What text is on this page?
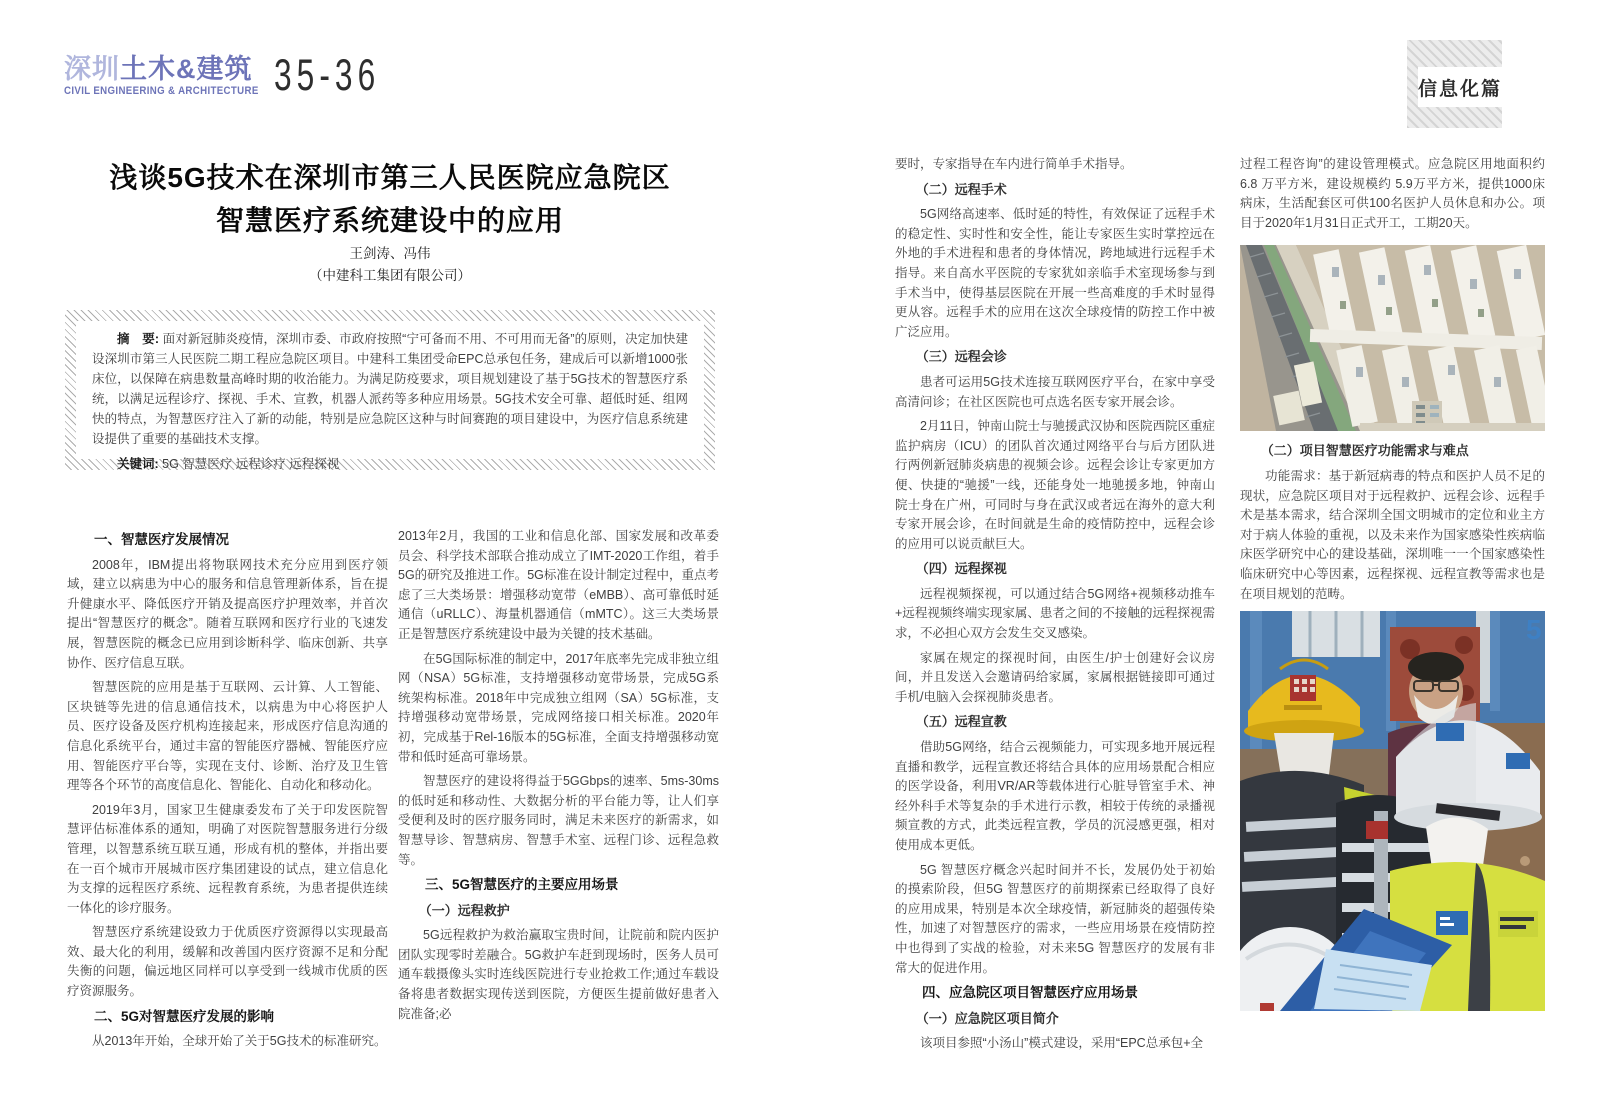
深圳土木&建筑
CIVIL ENGINEERING & ARCHITECTURE 35-36	信息化篇
浅谈5G技术在深圳市第三人民医院应急院区
智慧医疗系统建设中的应用
王剑涛、冯伟
（中建科工集团有限公司）

摘　要: 面对新冠肺炎疫情，深圳市委、市政府按照“宁可备而不用、不可用而无备”的原则，决定加快建设深圳市第三人民医院二期工程应急院区项目。中建科工集团受命EPC总承包任务，建成后可以新增1000张床位，以保障在病患数量高峰时期的收治能力。为满足防疫要求，项目规划建设了基于5G技术的智慧医疗系统，以满足远程诊疗、探视、手术、宣教，机器人派药等多种应用场景。5G技术安全可靠、超低时延、组网快的特点，为智慧医疗注入了新的动能，特别是应急院区这种与时间赛跑的项目建设中，为医疗信息系统建设提供了重要的基础技术支撑。

关键词: 5G 智慧医疗 远程诊疗 远程探视

一、智慧医疗发展情况
2008年，IBM提出将物联网技术充分应用到医疗领域，建立以病患为中心的服务和信息管理新体系，旨在提升健康水平、降低医疗开销及提高医疗护理效率，并首次提出“智慧医疗的概念”。随着互联网和医疗行业的飞速发展，智慧医院的概念已应用到诊断科学、临床创新、共享协作、医疗信息互联。
智慧医院的应用是基于互联网、云计算、人工智能、区块链等先进的信息通信技术，以病患为中心将医护人员、医疗设备及医疗机构连接起来，形成医疗信息沟通的信息化系统平台，通过丰富的智能医疗器械、智能医疗应用、智能医疗平台等，实现在支付、诊断、治疗及卫生管理等各个环节的高度信息化、智能化、自动化和移动化。
2019年3月，国家卫生健康委发布了关于印发医院智慧评估标准体系的通知，明确了对医院智慧服务进行分级管理，以智慧系统互联互通，形成有机的整体，并指出要在一百个城市开展城市医疗集团建设的试点，建立信息化为支撑的远程医疗系统、远程教育系统，为患者提供连续一体化的诊疗服务。
智慧医疗系统建设致力于优质医疗资源得以实现最高效、最大化的利用，缓解和改善国内医疗资源不足和分配失衡的问题，偏远地区同样可以享受到一线城市优质的医疗资源服务。
二、5G对智慧医疗发展的影响
从2013年开始，全球开始了关于5G技术的标准研究。
2013年2月，我国的工业和信息化部、国家发展和改革委员会、科学技术部联合推动成立了IMT-2020工作组，着手5G的研究及推进工作。5G标准在设计制定过程中，重点考虑了三大类场景：增强移动宽带（eMBB）、高可靠低时延通信（uRLLC）、海量机器通信（mMTC）。这三大类场景正是智慧医疗系统建设中最为关键的技术基础。
在5G国际标准的制定中，2017年底率先完成非独立组网（NSA）5G标准，支持增强移动宽带场景，完成5G系统架构标准。2018年中完成独立组网（SA）5G标准，支持增强移动宽带场景，完成网络接口相关标准。2020年初，完成基于Rel-16版本的5G标准，全面支持增强移动宽带和低时延高可靠场景。
智慧医疗的建设将得益于5GGbps的速率、5ms-30ms的低时延和移动性、大数据分析的平台能力等，让人们享受便利及时的医疗服务同时，满足未来医疗的新需求，如智慧导诊、智慧病房、智慧手术室、远程门诊、远程急救等。
三、5G智慧医疗的主要应用场景
（一）远程救护
5G远程救护为救治赢取宝贵时间，让院前和院内医护团队实现零时差融合。5G救护车赶到现场时，医务人员可通车载摄像头实时连线医院进行专业抢救工作;通过车载设备将患者数据实现传送到医院，方便医生提前做好患者入院准备;必
要时，专家指导在车内进行简单手术指导。
（二）远程手术
5G网络高速率、低时延的特性，有效保证了远程手术的稳定性、实时性和安全性，能让专家医生实时掌控远在外地的手术进程和患者的身体情况，跨地域进行远程手术指导。来自高水平医院的专家犹如亲临手术室现场参与到手术当中，使得基层医院在开展一些高难度的手术时显得更从容。远程手术的应用在这次全球疫情的防控工作中被广泛应用。
（三）远程会诊
患者可运用5G技术连接互联网医疗平台，在家中享受高清问诊；在社区医院也可点选名医专家开展会诊。
2月11日，钟南山院士与驰援武汉协和医院西院区重症监护病房（ICU）的团队首次通过网络平台与后方团队进行两例新冠肺炎病患的视频会诊。远程会诊让专家更加方便、快捷的“驰援”一线，还能身处一地驰援多地，钟南山院士身在广州，可同时与身在武汉或者远在海外的意大利专家开展会诊，在时间就是生命的疫情防控中，远程会诊的应用可以说贡献巨大。
（四）远程探视
远程视频探视，可以通过结合5G网络+视频移动推车+远程视频终端实现家属、患者之间的不接触的远程探视需求，不必担心双方会发生交叉感染。
家属在规定的探视时间，由医生/护士创建好会议房间，并且发送入会邀请码给家属，家属根据链接即可通过手机/电脑入会探视肺炎患者。
（五）远程宣教
借助5G网络，结合云视频能力，可实现多地开展远程直播和教学，远程宣教还将结合具体的应用场景配合相应的医学设备，利用VR/AR等载体进行心脏导管室手术、神经外科手术等复杂的手术进行示教，相较于传统的录播视频宣教的方式，此类远程宣教，学员的沉浸感更强，相对使用成本更低。
5G 智慧医疗概念兴起时间并不长，发展仍处于初始的摸索阶段，但5G 智慧医疗的前期探索已经取得了良好的应用成果，特别是本次全球疫情，新冠肺炎的超强传染性，加速了对智慧医疗的需求，一些应用场景在疫情防控中也得到了实战的检验，对未来5G 智慧医疗的发展有非常大的促进作用。
四、应急院区项目智慧医疗应用场景
（一）应急院区项目简介
该项目参照“小汤山”模式建设，采用“EPC总承包+全
过程工程咨询”的建设管理模式。应急院区用地面积约 6.8 万平方米，建设规模约 5.9万平方米，提供1000床病床，生活配套区可供100名医护人员休息和办公。项目于2020年1月31日正式开工，工期20天。
（二）项目智慧医疗功能需求与难点
功能需求：基于新冠病毒的特点和医护人员不足的现状，应急院区项目对于远程救护、远程会诊、远程手术是基本需求，结合深圳全国文明城市的定位和业主方对于病人体验的重视，以及未来作为国家感染性疾病临床医学研究中心的建设基础，深圳唯一一个国家感染性临床研究中心等因素，远程探视、远程宣教等需求也是在项目规划的范畴。
5
